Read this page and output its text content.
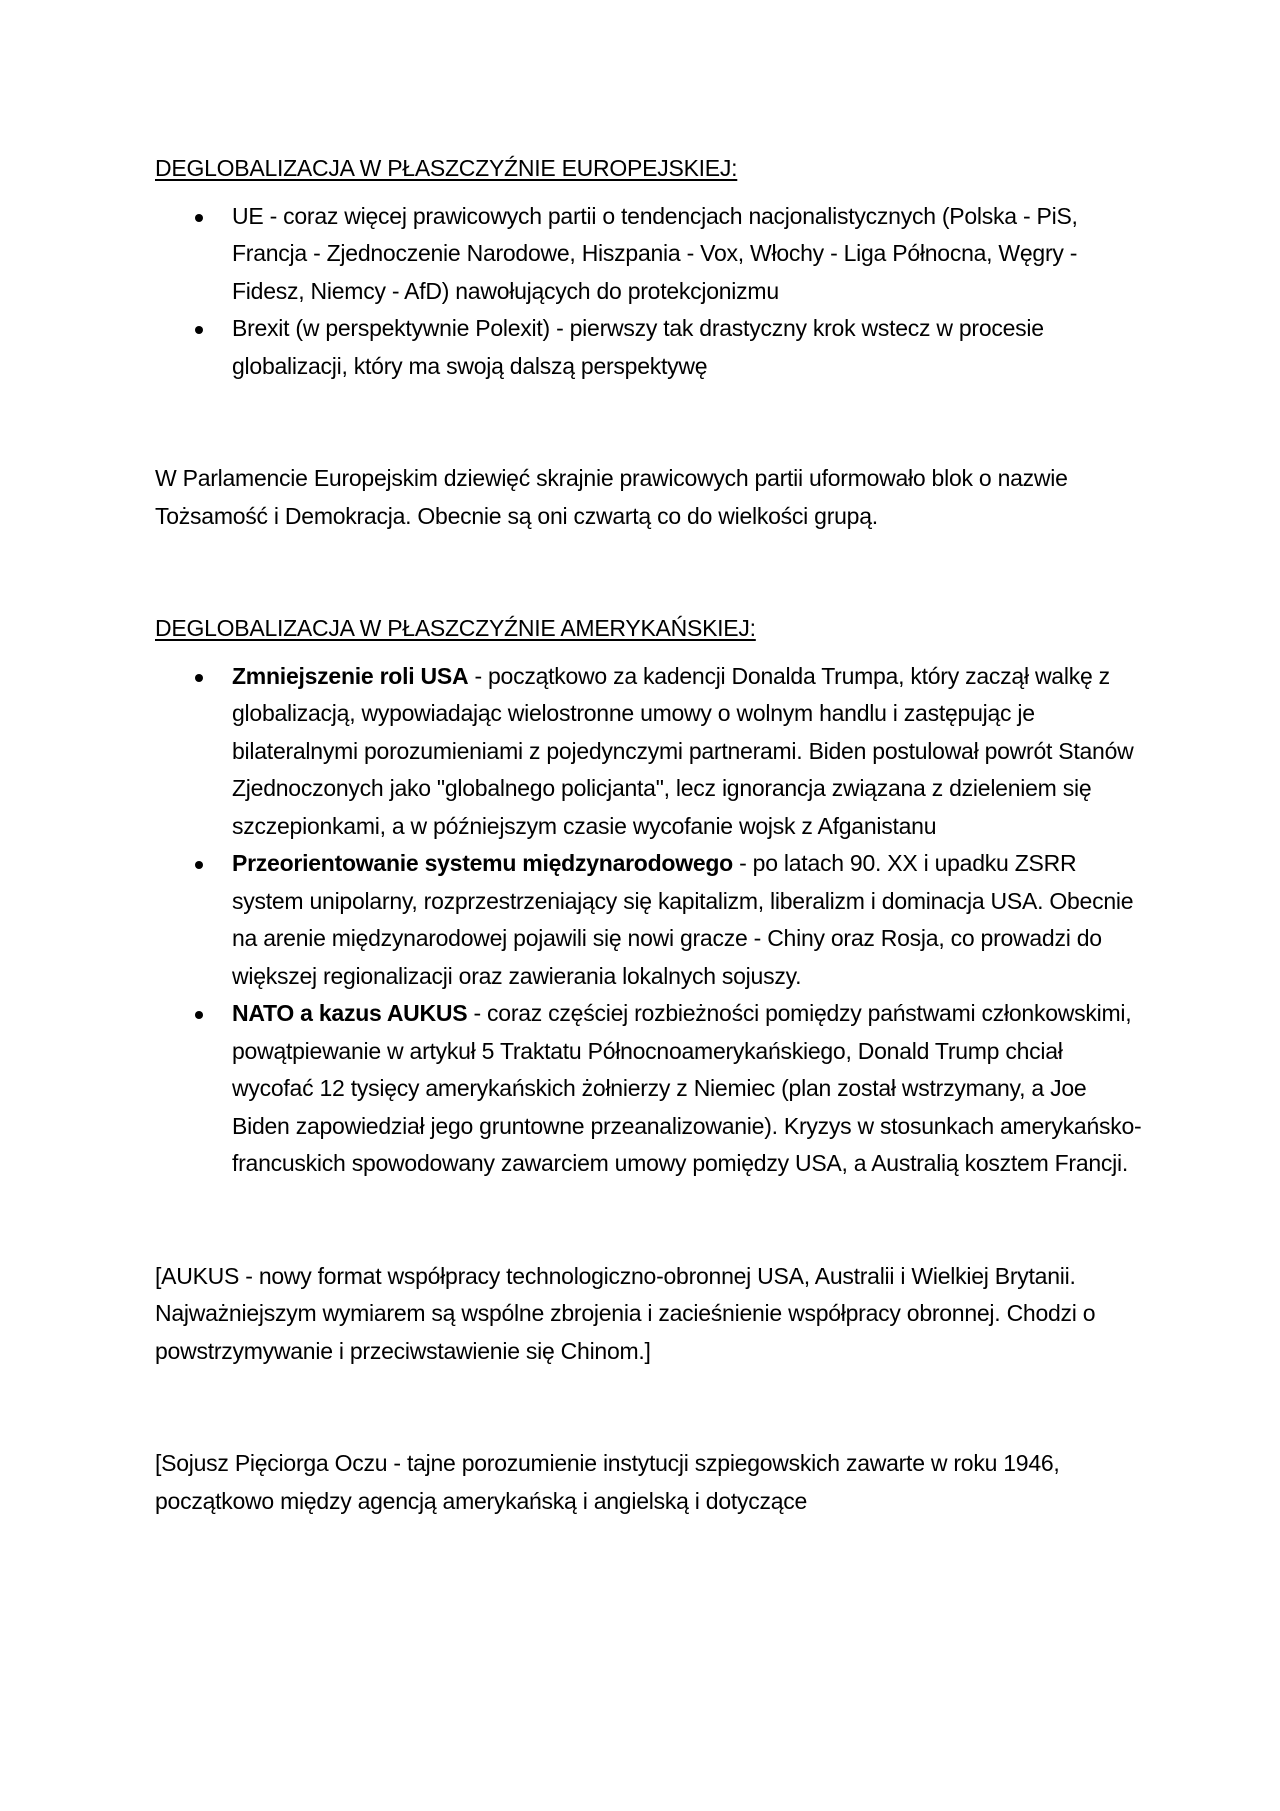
DEGLOBALIZACJA W PŁASZCZYŹNIE EUROPEJSKIEJ:
UE - coraz więcej prawicowych partii o tendencjach nacjonalistycznych (Polska - PiS, Francja - Zjednoczenie Narodowe, Hiszpania - Vox, Włochy - Liga Północna, Węgry - Fidesz, Niemcy - AfD) nawołujących do protekcjonizmu
Brexit (w perspektywnie Polexit) - pierwszy tak drastyczny krok wstecz w procesie globalizacji, który ma swoją dalszą perspektywę

W Parlamencie Europejskim dziewięć skrajnie prawicowych partii uformowało blok o nazwie Tożsamość i Demokracja. Obecnie są oni czwartą co do wielkości grupą.

DEGLOBALIZACJA W PŁASZCZYŹNIE AMERYKAŃSKIEJ:
Zmniejszenie roli USA - początkowo za kadencji Donalda Trumpa, który zaczął walkę z globalizacją, wypowiadając wielostronne umowy o wolnym handlu i zastępując je bilateralnymi porozumieniami z pojedynczymi partnerami. Biden postulował powrót Stanów Zjednoczonych jako "globalnego policjanta", lecz ignorancja związana z dzieleniem się szczepionkami, a w późniejszym czasie wycofanie wojsk z Afganistanu
Przeorientowanie systemu międzynarodowego - po latach 90. XX i upadku ZSRR system unipolarny, rozprzestrzeniający się kapitalizm, liberalizm i dominacja USA. Obecnie na arenie międzynarodowej pojawili się nowi gracze - Chiny oraz Rosja, co prowadzi do większej regionalizacji oraz zawierania lokalnych sojuszy.
NATO a kazus AUKUS - coraz częściej rozbieżności pomiędzy państwami członkowskimi, powątpiewanie w artykuł 5 Traktatu Północnoamerykańskiego, Donald Trump chciał wycofać 12 tysięcy amerykańskich żołnierzy z Niemiec (plan został wstrzymany, a Joe Biden zapowiedział jego gruntowne przeanalizowanie). Kryzys w stosunkach amerykańsko-francuskich spowodowany zawarciem umowy pomiędzy USA, a Australią kosztem Francji.

[AUKUS - nowy format współpracy technologiczno-obronnej USA, Australii i Wielkiej Brytanii. Najważniejszym wymiarem są wspólne zbrojenia i zacieśnienie współpracy obronnej. Chodzi o powstrzymywanie i przeciwstawienie się Chinom.]

[Sojusz Pięciorga Oczu - tajne porozumienie instytucji szpiegowskich zawarte w roku 1946, początkowo między agencją amerykańską i angielską i dotyczące
